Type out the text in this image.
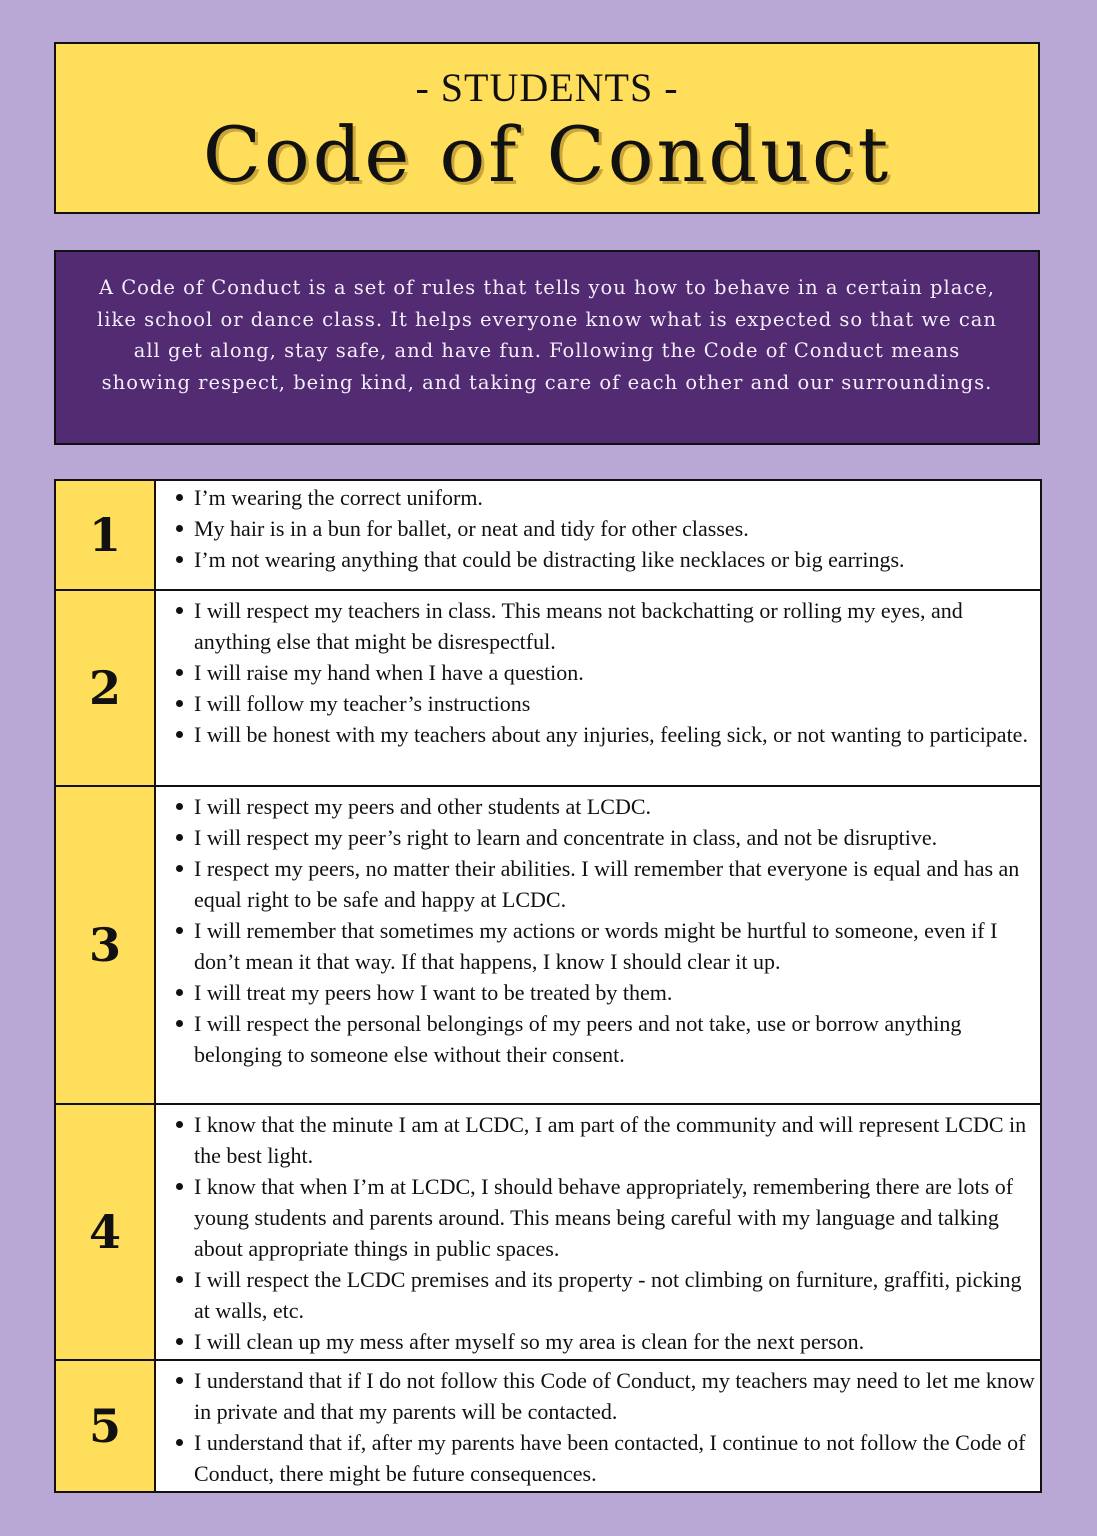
- STUDENTS -
Code of Conduct
A Code of Conduct is a set of rules that tells you how to behave in a certain place, like school or dance class. It helps everyone know what is expected so that we can all get along, stay safe, and have fun. Following the Code of Conduct means showing respect, being kind, and taking care of each other and our surroundings.
1
I’m wearing the correct uniform.
My hair is in a bun for ballet, or neat and tidy for other classes.
I’m not wearing anything that could be distracting like necklaces or big earrings.
2
I will respect my teachers in class. This means not backchatting or rolling my eyes, and anything else that might be disrespectful.
I will raise my hand when I have a question.
I will follow my teacher’s instructions
I will be honest with my teachers about any injuries, feeling sick, or not wanting to participate.
3
I will respect my peers and other students at LCDC.
I will respect my peer’s right to learn and concentrate in class, and not be disruptive.
I respect my peers, no matter their abilities. I will remember that everyone is equal and has an equal right to be safe and happy at LCDC.
I will remember that sometimes my actions or words might be hurtful to someone, even if I don’t mean it that way. If that happens, I know I should clear it up.
I will treat my peers how I want to be treated by them.
I will respect the personal belongings of my peers and not take, use or borrow anything belonging to someone else without their consent.
4
I know that the minute I am at LCDC, I am part of the community and will represent LCDC in the best light.
I know that when I’m at LCDC, I should behave appropriately, remembering there are lots of young students and parents around. This means being careful with my language and talking about appropriate things in public spaces.
I will respect the LCDC premises and its property - not climbing on furniture, graffiti, picking at walls, etc.
I will clean up my mess after myself so my area is clean for the next person.
5
I understand that if I do not follow this Code of Conduct, my teachers may need to let me know in private and that my parents will be contacted.
I understand that if, after my parents have been contacted, I continue to not follow the Code of Conduct, there might be future consequences.
